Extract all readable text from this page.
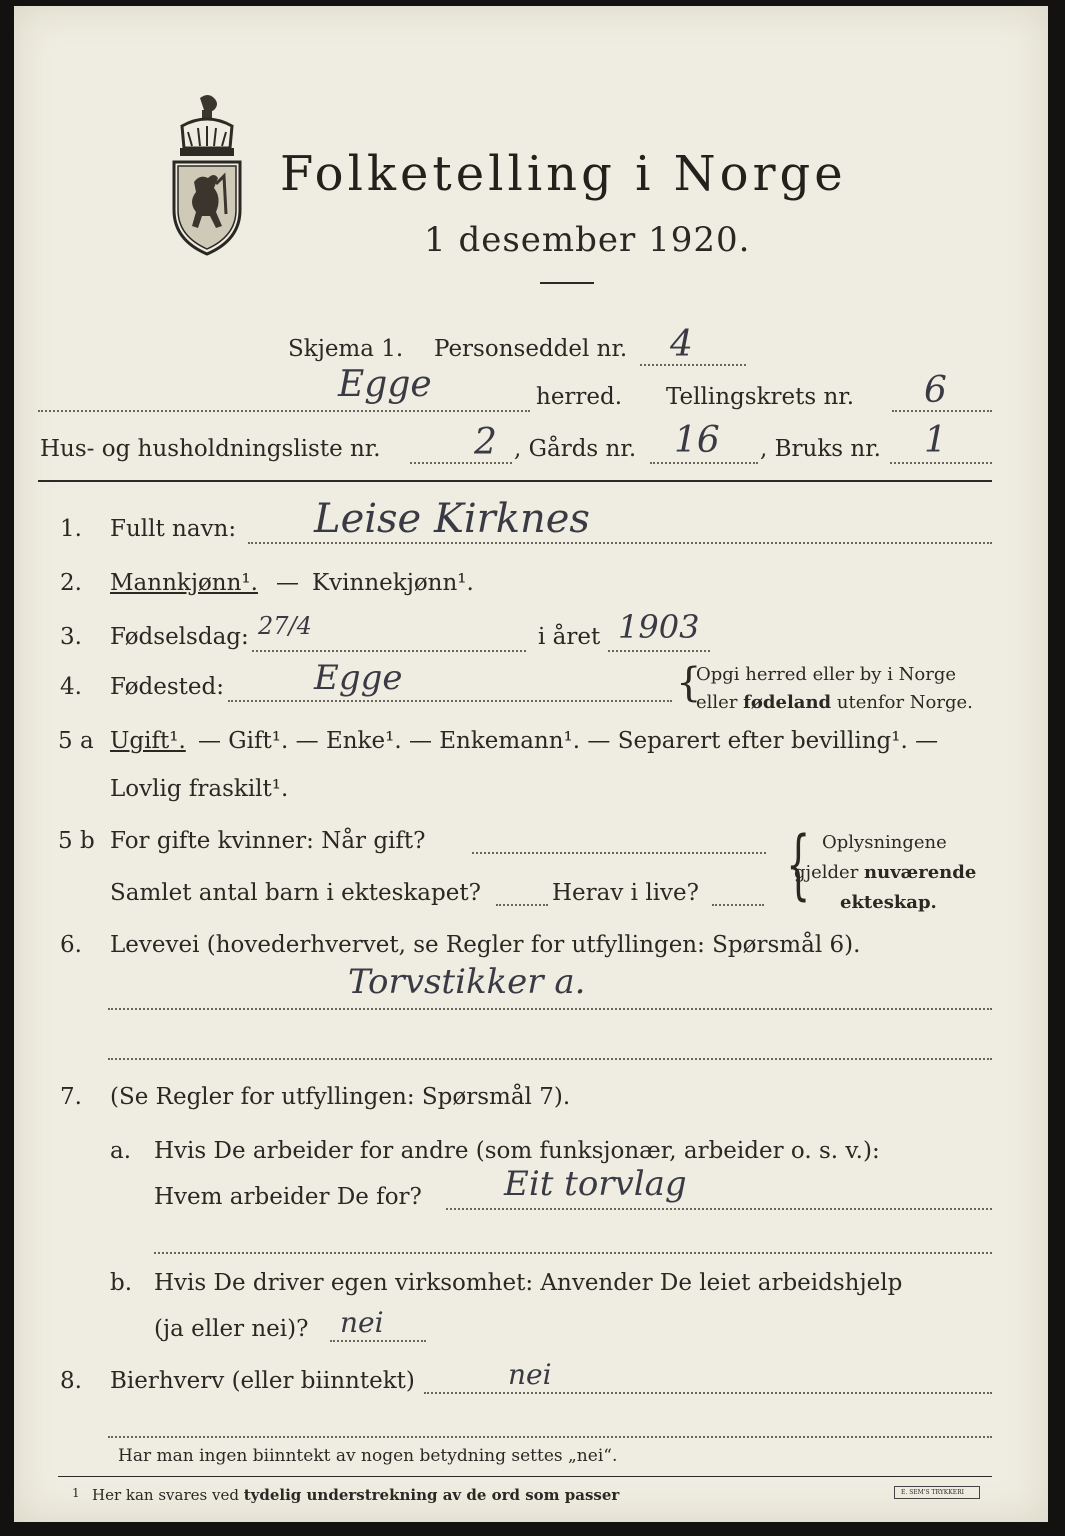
Folketelling i Norge
1 desember 1920.
Skjema 1. Personseddel nr. 4
Egge	herred. Tellingskrets nr. 6
Hus- og husholdningsliste nr.	2 , Gårds nr. 16 , Bruks nr. 1
1. Fullt navn: Leise Kirknes
2. Mannkjønn¹. — Kvinnekjønn¹.
3. Fødselsdag: 27/4	i året 1903
4. Fødested:	Egge	{
Opgi herred eller by i Norge
eller fødeland utenfor Norge.
5 a Ugift¹. — Gift¹. — Enke¹. — Enkemann¹. — Separert efter bevilling¹. —
Lovlig fraskilt¹.
5 b For gifte kvinner: Når gift?
Samlet antal barn i ekteskapet?	Herav i live? { Oplysningene
gjelder nuværende
ekteskap.
6. Levevei (hovederhvervet, se Regler for utfyllingen: Spørsmål 6).
Torvstikker a.
7. (Se Regler for utfyllingen: Spørsmål 7).
a. Hvis De arbeider for andre (som funksjonær, arbeider o. s. v.):
Hvem arbeider De for? Eit torvlag
b. Hvis De driver egen virksomhet: Anvender De leiet arbeidshjelp
(ja eller nei)? nei
8. Bierhverv (eller biinntekt)	nei
Har man ingen biinntekt av nogen betydning settes „nei“.
1 Her kan svares ved tydelig understrekning av de ord som passer	E. SEM'S TRYKKERI
